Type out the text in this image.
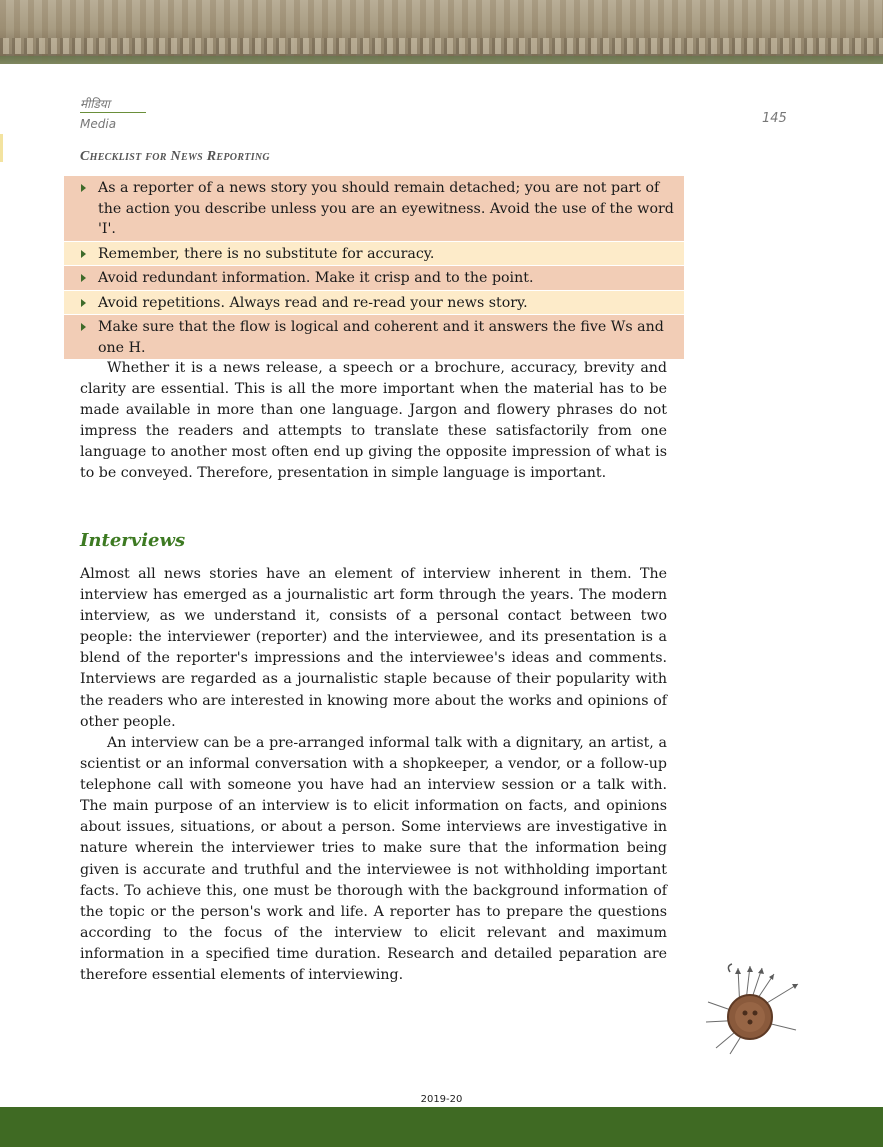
मीडिया
Media	145
Checklist for News Reporting
As a reporter of a news story you should remain detached; you are not part of the action you describe unless you are an eyewitness. Avoid the use of the word 'I'.
Remember, there is no substitute for accuracy.
Avoid redundant information. Make it crisp and to the point.
Avoid repetitions. Always read and re-read your news story.
Make sure that the flow is logical and coherent and it answers the five Ws and one H.

Whether it is a news release, a speech or a brochure, accuracy, brevity and clarity are essential. This is all the more important when the material has to be made available in more than one language. Jargon and flowery phrases do not impress the readers and attempts to translate these satisfactorily from one language to another most often end up giving the opposite impression of what is to be conveyed. Therefore, presentation in simple language is important.

Interviews

Almost all news stories have an element of interview inherent in them. The interview has emerged as a journalistic art form through the years. The modern interview, as we understand it, consists of a personal contact between two people: the interviewer (reporter) and the interviewee, and its presentation is a blend of the reporter's impressions and the interviewee's ideas and comments. Interviews are regarded as a journalistic staple because of their popularity with the readers who are interested in knowing more about the works and opinions of other people.

An interview can be a pre-arranged informal talk with a dignitary, an artist, a scientist or an informal conversation with a shopkeeper, a vendor, or a follow-up telephone call with someone you have had an interview session or a talk with. The main purpose of an interview is to elicit information on facts, and opinions about issues, situations, or about a person. Some interviews are investigative in nature wherein the interviewer tries to make sure that the information being given is accurate and truthful and the interviewee is not withholding important facts. To achieve this, one must be thorough with the background information of the topic or the person's work and life. A reporter has to prepare the questions according to the focus of the interview to elicit relevant and maximum information in a specified time duration. Research and detailed peparation are therefore essential elements of interviewing.

2019-20
